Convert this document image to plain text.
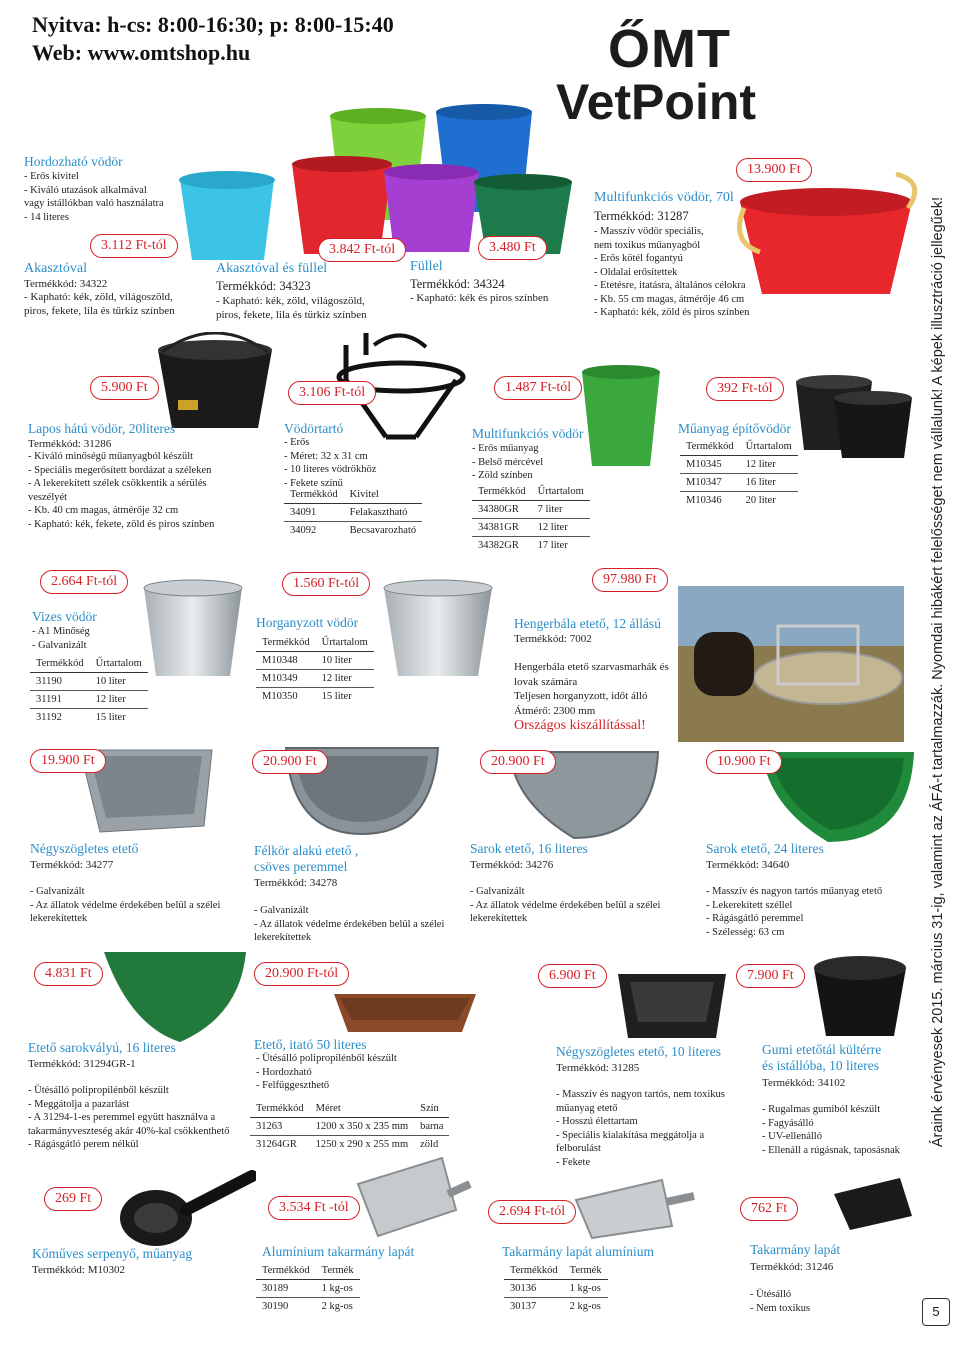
Nyitva: h-cs: 8:00-16:30; p: 8:00-15:40
Web: www.omtshop.hu	ŐMT
VetPoint
Hordozható vödör
- Erős kivitel
- Kiváló utazások alkalmával
vagy istállókban való használatra
- 14 literes
3.112 Ft-tól
Akasztóval
Termékkód: 34322
- Kapható: kék, zöld, világoszöld,
piros, fekete, lila és türkiz színben
3.842 Ft-tól
Akasztóval és füllel
Termékkód: 34323
- Kapható: kék, zöld, világoszöld,
piros, fekete, lila és türkiz színben
3.480 Ft
Füllel
Termékkód: 34324
- Kapható: kék és piros színben
13.900 Ft
Multifunkciós vödör, 70l
Termékkód: 31287
- Masszív vödör speciális,
nem toxikus műanyagból
- Erős kötél fogantyú
- Oldalai erősítettek
- Etetésre, itatásra, általános célokra
- Kb. 55 cm magas, átmérője 46 cm
- Kapható: kék, zöld és piros színben
5.900 Ft
Lapos hátú vödör, 20literes
Termékkód: 31286
- Kiváló minőségű műanyagból készült
- Speciális megerősített bordázat a széleken
- A lekerekített szélek csökkentik a sérülés
veszélyét
- Kb. 40 cm magas, átmérője 32 cm
- Kapható: kék, fekete, zöld és piros színben
3.106 Ft-tól
Vödörtartó
- Erős
- Méret: 32 x 31 cm
- 10 literes vödrökhöz
- Fekete színű
Termékkód	Kivitel
34091	Felakasztható
34092	Becsavarozható
1.487 Ft-tól
Multifunkciós vödör
- Erős műanyag
- Belső mércével
- Zöld színben
Termékkód	Űrtartalom
34380GR	7 liter
34381GR	12 liter
34382GR	17 liter
392 Ft-tól
Műanyag építővödör
Termékkód	Űrtartalom
M10345	12 liter
M10347	16 liter
M10346	20 liter
2.664 Ft-tól
Vizes vödör
- A1 Minőség
- Galvanizált
Termékkód	Űrtartalom
31190	10 liter
31191	12 liter
31192	15 liter
1.560 Ft-tól
Horganyzott vödör
Termékkód	Űrtartalom
M10348	10 liter
M10349	12 liter
M10350	15 liter
97.980 Ft
Hengerbála etető, 12 állású
Termékkód: 7002
Hengerbála etető szarvasmarhák és
lovak számára
Teljesen horganyzott, időt álló
Átmérő: 2300 mm
Országos kiszállítással!
19.900 Ft
Négyszögletes etető
Termékkód: 34277
- Galvanizált
- Az állatok védelme érdekében belül a szélei
lekerekítettek
20.900 Ft
Félkör alakú etető ,
csöves peremmel
Termékkód: 34278
- Galvanizált
- Az állatok védelme érdekében belül a szélei
lekerekítettek
20.900 Ft
Sarok etető, 16 literes
Termékkód: 34276
- Galvanizált
- Az állatok védelme érdekében belül a szélei
lekerekítettek
10.900 Ft
Sarok etető, 24 literes
Termékkód: 34640
- Masszív és nagyon tartós műanyag etető
- Lekerekített széllel
- Rágásgátló peremmel
- Szélesség: 63 cm
4.831 Ft
Etető sarokvályú, 16 literes
Termékkód: 31294GR-1
- Ütésálló polipropilénből készült
- Meggátolja a pazarlást
- A 31294-1-es peremmel együtt használva a
takarmányveszteség akár 40%-kal csökkenthető
- Rágásgátló perem nélkül
20.900 Ft-tól
Etető, itató 50 literes
- Ütésálló polipropilénből készült
- Hordozható
- Felfüggeszthető
Termékkód	Méret	Szín
31263	1200 x 350 x 235 mm	barna
31264GR	1250 x 290 x 255 mm	zöld
6.900 Ft
Négyszögletes etető, 10 literes
Termékkód: 31285
- Masszív és nagyon tartós, nem toxikus
műanyag etető
- Hosszú élettartam
- Speciális kialakítása meggátolja a
felborulást
- Fekete
7.900 Ft
Gumi etetőtál kültérre
és istállóba, 10 literes
Termékkód: 34102
- Rugalmas gumiból készült
- Fagyásálló
- UV-ellenálló
- Ellenáll a rúgásnak, taposásnak
269 Ft
Kőműves serpenyő, műanyag
Termékkód: M10302
3.534 Ft -tól
Alumínium takarmány lapát
Termékkód	Termék
30189	1 kg-os
30190	2 kg-os
2.694 Ft-tól
Takarmány lapát alumínium
Termékkód	Termék
30136	1 kg-os
30137	2 kg-os
762 Ft
Takarmány lapát
Termékkód: 31246
- Ütésálló
- Nem toxikus
Áraink érvényesek 2015. március 31-ig, valamint az ÁFÁ-t tartalmazzák. Nyomdai hibákért felelősséget nem vállalunk! A képek illusztráció jellegűek!
5
